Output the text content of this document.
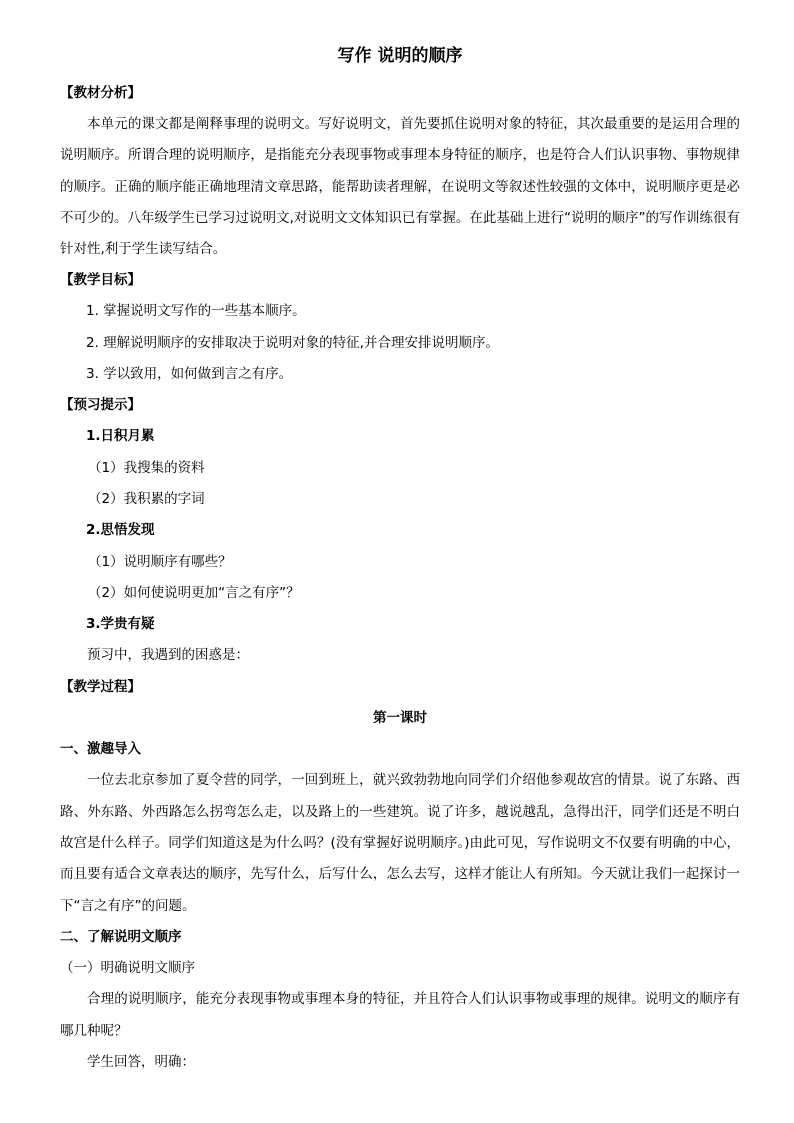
写作 说明的顺序

【教材分析】

本单元的课文都是阐释事理的说明文。写好说明文，首先要抓住说明对象的特征，其次最重要的是运用合理的说明顺序。所谓合理的说明顺序，是指能充分表现事物或事理本身特征的顺序，也是符合人们认识事物、事物规律的顺序。正确的顺序能正确地理清文章思路，能帮助读者理解，在说明文等叙述性较强的文体中，说明顺序更是必不可少的。八年级学生已学习过说明文,对说明文文体知识已有掌握。在此基础上进行“说明的顺序”的写作训练很有针对性,利于学生读写结合。

【教学目标】

1. 掌握说明文写作的一些基本顺序。

2. 理解说明顺序的安排取决于说明对象的特征,并合理安排说明顺序。

3. 学以致用，如何做到言之有序。

【预习提示】

1.日积月累

（1）我搜集的资料

（2）我积累的字词

2.思悟发现

（1）说明顺序有哪些？

（2）如何使说明更加“言之有序”？

3.学贵有疑

预习中，我遇到的困惑是：

【教学过程】

第一课时

一、激趣导入

一位去北京参加了夏令营的同学，一回到班上，就兴致勃勃地向同学们介绍他参观故宫的情景。说了东路、西路、外东路、外西路怎么拐弯怎么走，以及路上的一些建筑。说了许多，越说越乱，急得出汗，同学们还是不明白故宫是什么样子。同学们知道这是为什么吗？(没有掌握好说明顺序。)由此可见，写作说明文不仅要有明确的中心，而且要有适合文章表达的顺序，先写什么，后写什么，怎么去写，这样才能让人有所知。今天就让我们一起探讨一下“言之有序”的问题。

二、了解说明文顺序

（一）明确说明文顺序

合理的说明顺序，能充分表现事物或事理本身的特征，并且符合人们认识事物或事理的规律。说明文的顺序有哪几种呢？

学生回答，明确：
